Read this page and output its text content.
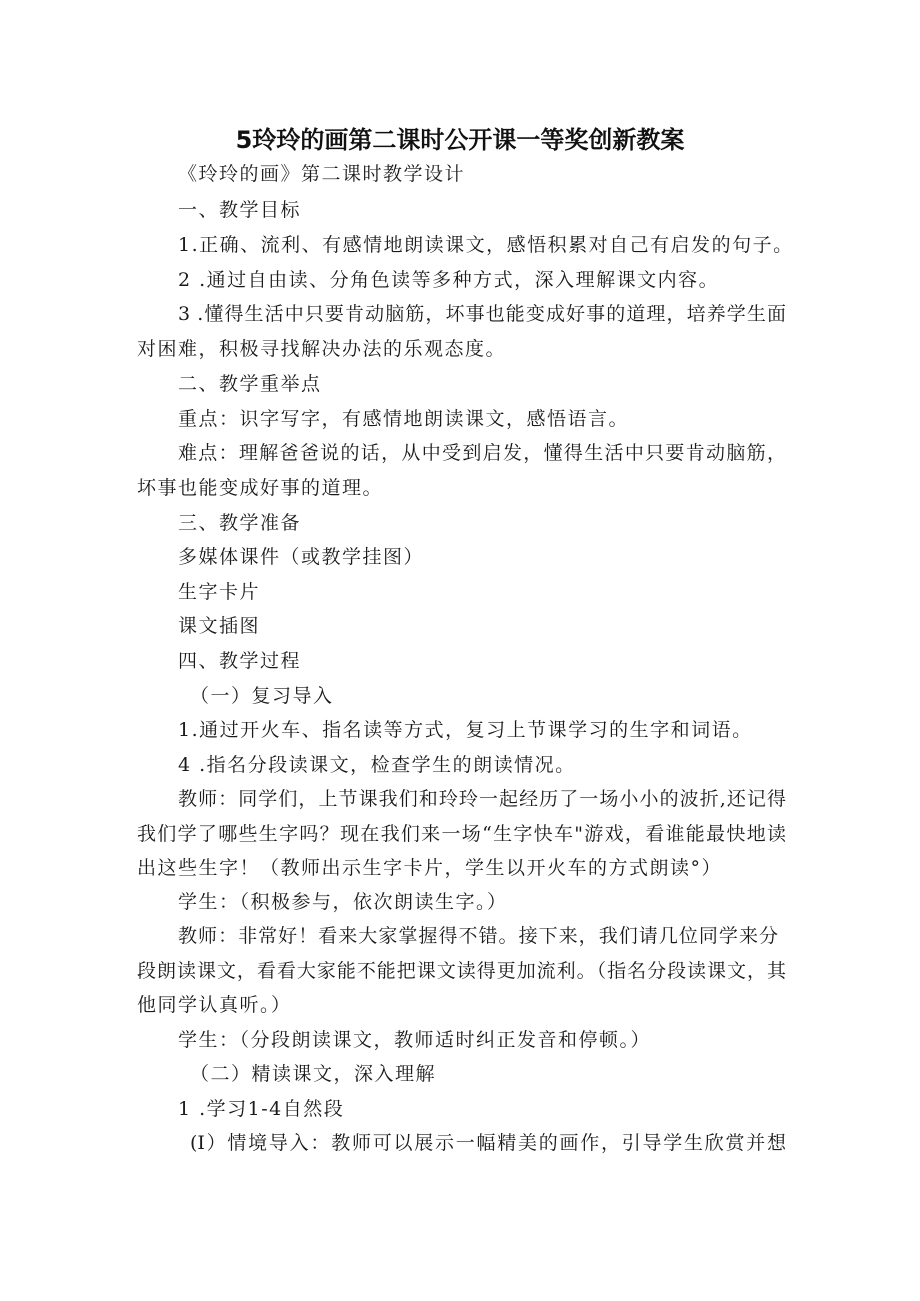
5玲玲的画第二课时公开课一等奖创新教案
《玲玲的画》第二课时教学设计
一、教学目标
1.正确、流利、有感情地朗读课文，感悟积累对自己有启发的句子。
2 .通过自由读、分角色读等多种方式，深入理解课文内容。
3 .懂得生活中只要肯动脑筋，坏事也能变成好事的道理，培养学生面
对困难，积极寻找解决办法的乐观态度。
二、教学重举点
重点：识字写字，有感情地朗读课文，感悟语言。
难点：理解爸爸说的话，从中受到启发，懂得生活中只要肯动脑筋，
坏事也能变成好事的道理。
三、教学准备
多媒体课件（或教学挂图）
生字卡片
课文插图
四、教学过程
（一）复习导入
1.通过开火车、指名读等方式，复习上节课学习的生字和词语。
4 .指名分段读课文，检查学生的朗读情况。
教师：同学们，上节课我们和玲玲一起经历了一场小小的波折,还记得
我们学了哪些生字吗？现在我们来一场“生字快车"游戏，看谁能最快地读
出这些生字！（教师出示生字卡片，学生以开火车的方式朗读°）
学生：（积极参与，依次朗读生字。）
教师：非常好！看来大家掌握得不错。接下来，我们请几位同学来分
段朗读课文，看看大家能不能把课文读得更加流利。（指名分段读课文，其
他同学认真听。）
学生：（分段朗读课文，教师适时纠正发音和停顿。）
（二）精读课文，深入理解
1 .学习1-4自然段
(I）情境导入：教师可以展示一幅精美的画作，引导学生欣赏并想
